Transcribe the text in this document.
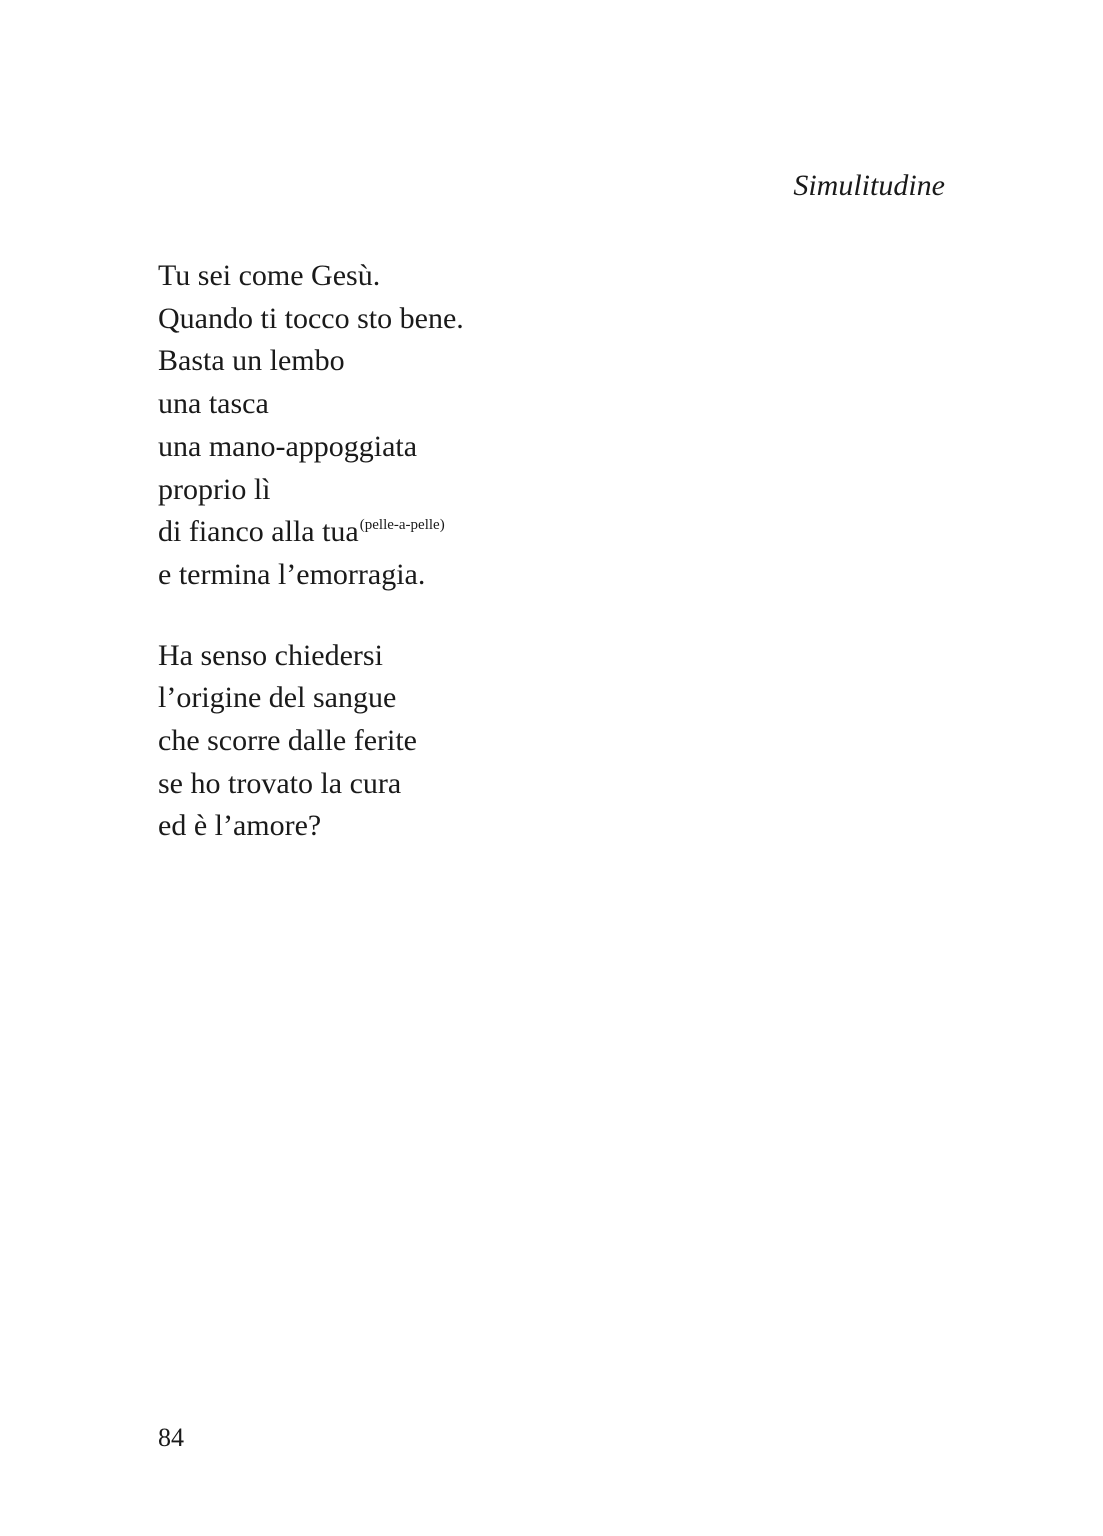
Simulitudine
Tu sei come Gesù.
Quando ti tocco sto bene.
Basta un lembo
una tasca
una mano-appoggiata
proprio lì
di fianco alla tua$^{(pelle-a-pelle)}$
e termina l’emorragia.
Ha senso chiedersi
l’origine del sangue
che scorre dalle ferite
se ho trovato la cura
ed è l’amore?

84
